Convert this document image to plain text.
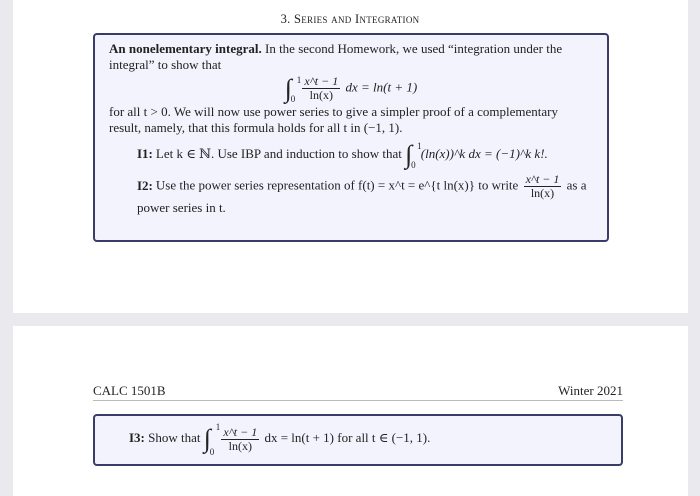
3. Series and Integration
An nonelementary integral. In the second Homework, we used “integration under the integral” to show that
∫ 1
0
$\frac{x\^{}t - 1}{\ln(x)}$ dx = ln(t + 1)
for all t > 0. We will now use power series to give a simpler proof of a complementary result, namely, that this formula holds for all t in (−1, 1).
I1: Let k ∈ ℕ. Use IBP and induction to show that ∫ 1
0
(ln(x))^k dx = (−1)^k k!.
I2: Use the power series representation of f(t) = x^t = e^{t ln(x)} to write $\frac{x\^{}t - 1}{\ln(x)}$ as a power series in t.
CALC 1501B	Winter 2021
I3: Show that ∫ 1
0
$\frac{x\^{}t - 1}{\ln(x)}$ dx = ln(t + 1) for all t ∈ (−1, 1).
